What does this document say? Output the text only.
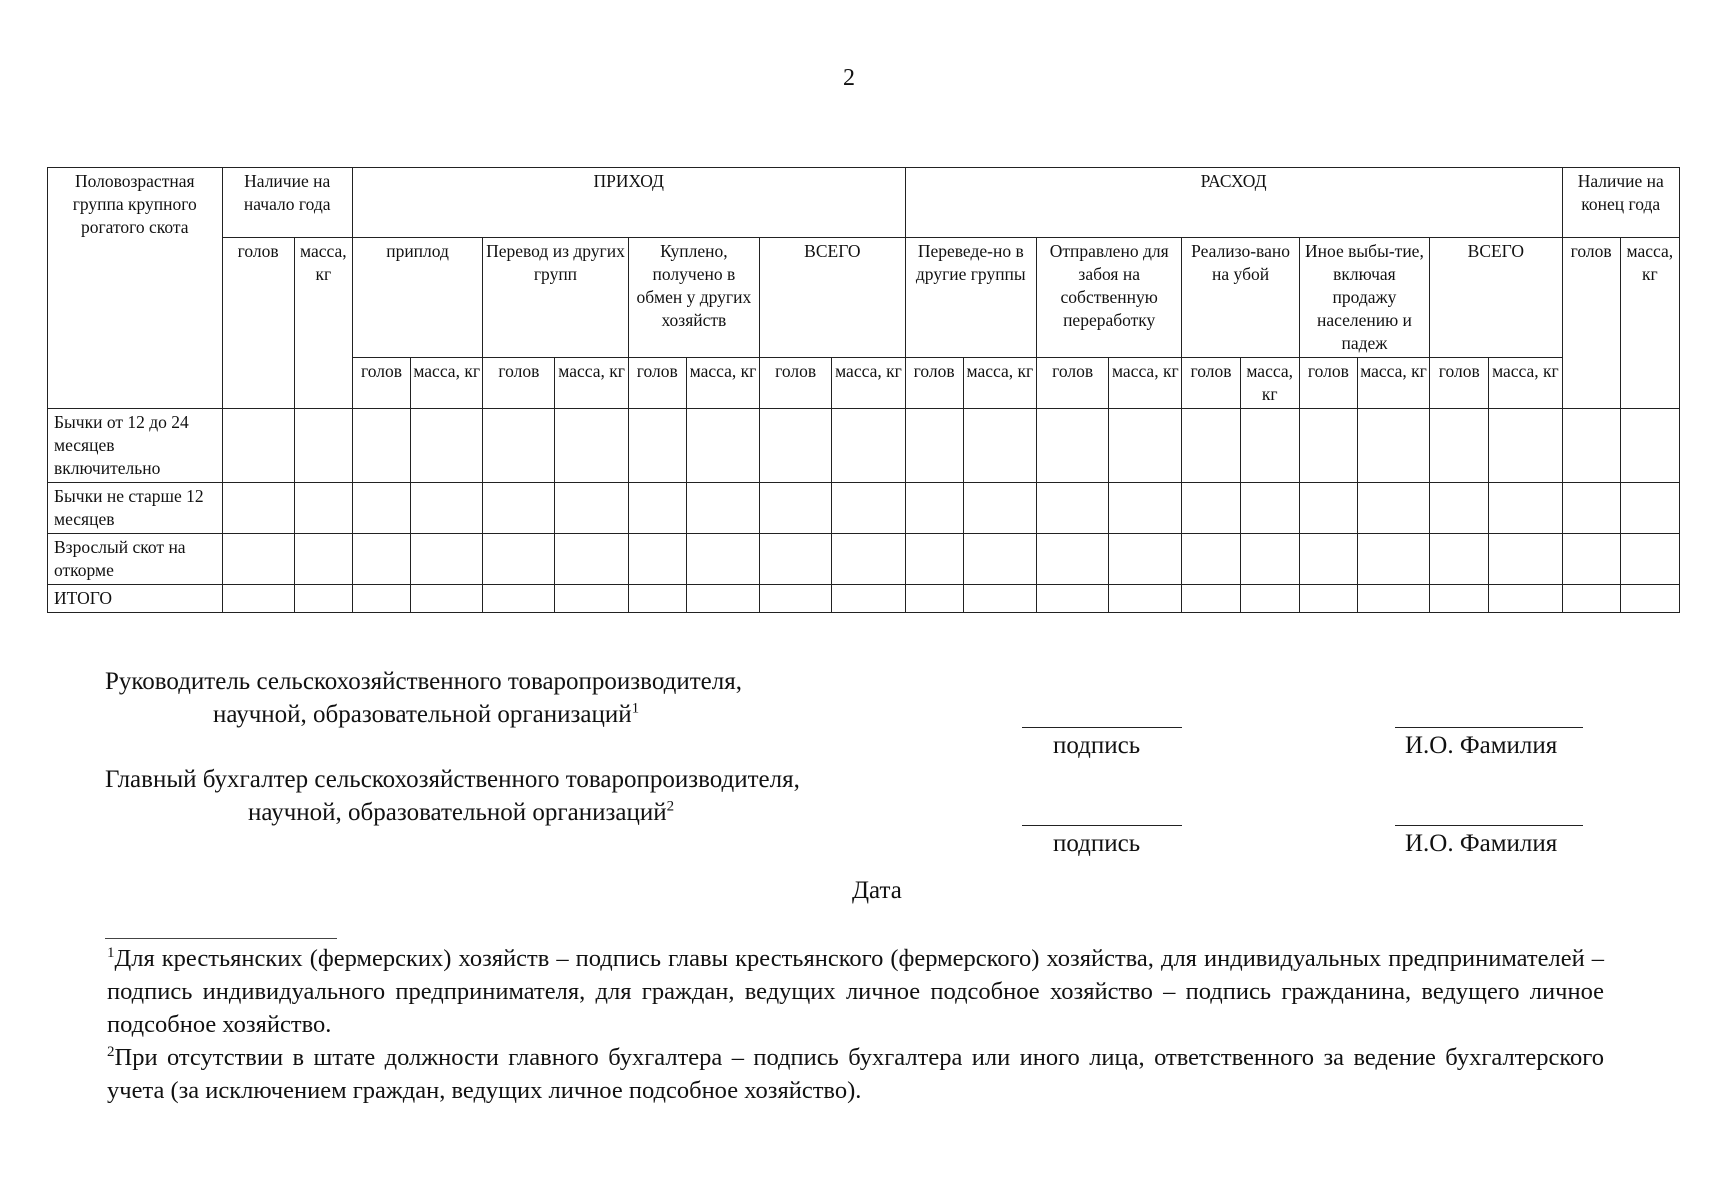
2
Половозрастная группа крупного рогатого скота	Наличие на начало года		ПРИХОД								РАСХОД										Наличие на конец года	
	голов	масса, кг	приплод		Перевод из других групп		Куплено, получено в обмен у других хозяйств		ВСЕГО		Переведе-но в другие группы		Отправлено для забоя на собственную переработку		Реализо-вано на убой		Иное выбы-тие, включая продажу населению и падеж		ВСЕГО		голов	масса, кг
			голов	масса, кг	голов	масса, кг	голов	масса, кг	голов	масса, кг	голов	масса, кг	голов	масса, кг	голов	масса, кг	голов	масса, кг	голов	масса, кг		
Бычки от 12 до 24 месяцев включительно																						
Бычки не старше 12 месяцев																						
Взрослый скот на откорме																						
ИТОГО																						
Руководитель сельскохозяйственного товаропроизводителя,
научной, образовательной организаций$^1$
подпись	И.О. Фамилия
Главный бухгалтер сельскохозяйственного товаропроизводителя,
научной, образовательной организаций$^2$
подпись	И.О. Фамилия
Дата

$^1$Для крестьянских (фермерских) хозяйств – подпись главы крестьянского (фермерского) хозяйства, для индивидуальных предпринимателей – подпись индивидуального предпринимателя, для граждан, ведущих личное подсобное хозяйство – подпись гражданина, ведущего личное подсобное хозяйство.

$^2$При отсутствии в штате должности главного бухгалтера – подпись бухгалтера или иного лица, ответственного за ведение бухгалтерского учета (за исключением граждан, ведущих личное подсобное хозяйство).
